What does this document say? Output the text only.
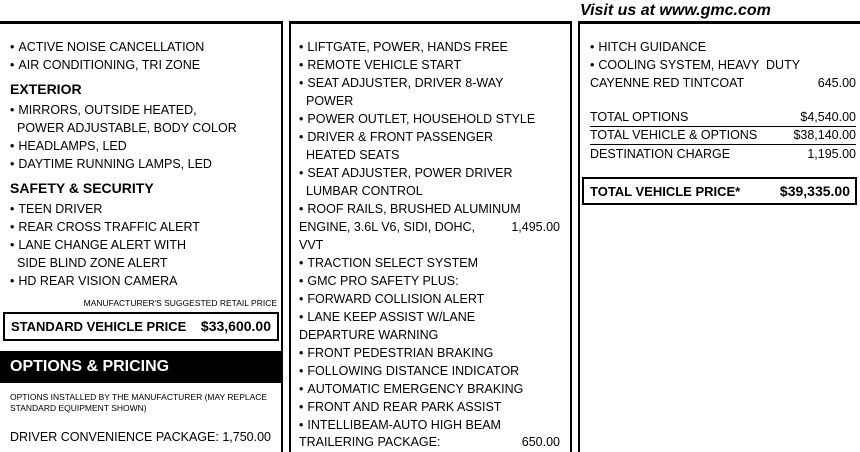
Visit us at www.gmc.com
• ACTIVE NOISE CANCELLATION
• AIR CONDITIONING, TRI ZONE
EXTERIOR
• MIRRORS, OUTSIDE HEATED,
POWER ADJUSTABLE, BODY COLOR
• HEADLAMPS, LED
• DAYTIME RUNNING LAMPS, LED
SAFETY & SECURITY
• TEEN DRIVER
• REAR CROSS TRAFFIC ALERT
• LANE CHANGE ALERT WITH
SIDE BLIND ZONE ALERT
• HD REAR VISION CAMERA
MANUFACTURER'S SUGGESTED RETAIL PRICE
STANDARD VEHICLE PRICE $33,600.00
OPTIONS & PRICING
OPTIONS INSTALLED BY THE MANUFACTURER (MAY REPLACE
STANDARD EQUIPMENT SHOWN)
DRIVER CONVENIENCE PACKAGE: 1,750.00
• LIFTGATE, POWER, HANDS FREE
• REMOTE VEHICLE START
• SEAT ADJUSTER, DRIVER 8-WAY
POWER
• POWER OUTLET, HOUSEHOLD STYLE
• DRIVER & FRONT PASSENGER
HEATED SEATS
• SEAT ADJUSTER, POWER DRIVER
LUMBAR CONTROL
• ROOF RAILS, BRUSHED ALUMINUM
ENGINE, 3.6L V6, SIDI, DOHC,	1,495.00
VVT
• TRACTION SELECT SYSTEM
• GMC PRO SAFETY PLUS:
• FORWARD COLLISION ALERT
• LANE KEEP ASSIST W/LANE
DEPARTURE WARNING
• FRONT PEDESTRIAN BRAKING
• FOLLOWING DISTANCE INDICATOR
• AUTOMATIC EMERGENCY BRAKING
• FRONT AND REAR PARK ASSIST
• INTELLIBEAM-AUTO HIGH BEAM
TRAILERING PACKAGE:	650.00
• HITCH GUIDANCE
• COOLING SYSTEM, HEAVY  DUTY
CAYENNE RED TINTCOAT	645.00
TOTAL OPTIONS	$4,540.00
TOTAL VEHICLE & OPTIONS	$38,140.00
DESTINATION CHARGE	1,195.00
TOTAL VEHICLE PRICE*	$39,335.00
